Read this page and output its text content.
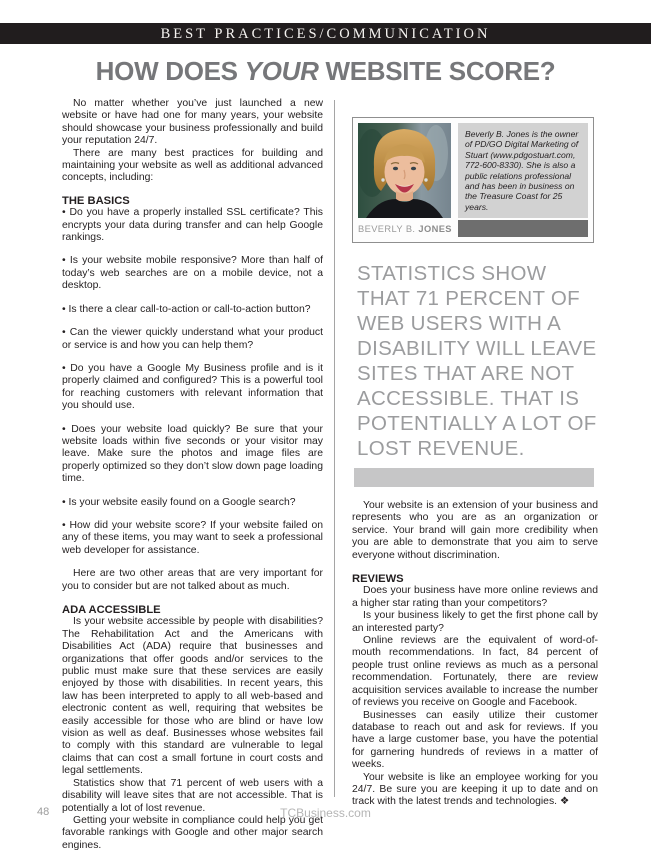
BEST PRACTICES/COMMUNICATION
HOW DOES YOUR WEBSITE SCORE?

No matter whether you’ve just launched a new website or have had one for many years, your website should showcase your business professionally and build your reputation 24/7.

There are many best practices for building and maintaining your website as well as additional advanced concepts, including:

THE BASICS

• Do you have a properly installed SSL certificate? This encrypts your data during transfer and can help Google rankings.

• Is your website mobile responsive? More than half of today’s web searches are on a mobile device, not a desktop.

• Is there a clear call-to-action or call-to-action button?

• Can the viewer quickly understand what your product or service is and how you can help them?

• Do you have a Google My Business profile and is it properly claimed and configured? This is a powerful tool for reaching customers with relevant information that you should use.

• Does your website load quickly? Be sure that your website loads within five seconds or your visitor may leave. Make sure the photos and image files are properly optimized so they don’t slow down page loading time.

• Is your website easily found on a Google search?

• How did your website score? If your website failed on any of these items, you may want to seek a professional web developer for assistance.

Here are two other areas that are very important for you to consider but are not talked about as much.

ADA ACCESSIBLE

Is your website accessible by people with disabilities? The Rehabilitation Act and the Americans with Disabilities Act (ADA) require that businesses and organizations that offer goods and/or services to the public must make sure that these services are easily enjoyed by those with disabilities. In recent years, this law has been interpreted to apply to all web-based and electronic content as well, requiring that websites be easily accessible for those who are blind or have low vision as well as deaf. Businesses whose websites fail to comply with this standard are vulnerable to legal claims that can cost a small fortune in court costs and legal settlements.

Statistics show that 71 percent of web users with a disability will leave sites that are not accessible. That is potentially a lot of lost revenue.

Getting your website in compliance could help you get favorable rankings with Google and other major search engines.

BEVERLY B. JONES

Beverly B. Jones is the owner of PD/GO Digital Marketing of Stuart (www.pdgostuart.com, 772-600-8330). She is also a public relations professional and has been in business on the Treasure Coast for 25 years.

STATISTICS SHOW THAT 71 PERCENT OF WEB USERS WITH A DISABILITY WILL LEAVE SITES THAT ARE NOT ACCESSIBLE. THAT IS POTENTIALLY A LOT OF LOST REVENUE.

Your website is an extension of your business and represents who you are as an organization or service. Your brand will gain more credibility when you are able to demonstrate that you aim to serve everyone without discrimination.

REVIEWS

Does your business have more online reviews and a higher star rating than your competitors?

Is your business likely to get the first phone call by an interested party?

Online reviews are the equivalent of word-of-mouth recommendations. In fact, 84 percent of people trust online reviews as much as a personal recommendation. Fortunately, there are review acquisition services available to increase the number of reviews you receive on Google and Facebook.

Businesses can easily utilize their customer database to reach out and ask for reviews. If you have a large customer base, you have the potential for garnering hundreds of reviews in a matter of weeks.

Your website is like an employee working for you 24/7. Be sure you are keeping it up to date and on track with the latest trends and technologies. ❖

48	TCBusiness.com
